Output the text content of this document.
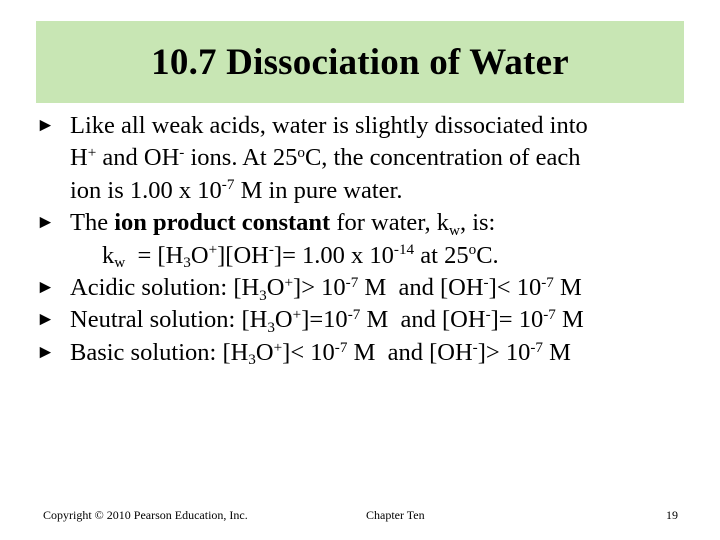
10.7 Dissociation of Water
► Like all weak acids, water is slightly dissociated into
H+ and OH- ions. At 25$^o$C, the concentration of each
ion is 1.00 x $10^{-7}$ M in pure water.
► The ion product constant for water, $k_w$, is:
$k_w = [H_3O^+][OH^-]= 1.00$ x $10^{-14}$ at 25$^o$C.
► Acidic solution: $[H_3O^+]> 10^{-7}$ M  and $[OH^-]< 10^{-7}$ M
► Neutral solution: $[H_3O^+]=10^{-7}$ M  and $[OH^-]= 10^{-7}$ M
► Basic solution: $[H_3O^+]< 10^{-7}$ M  and $[OH^-]> 10^{-7}$ M
Copyright © 2010 Pearson Education, Inc.	Chapter Ten	19
